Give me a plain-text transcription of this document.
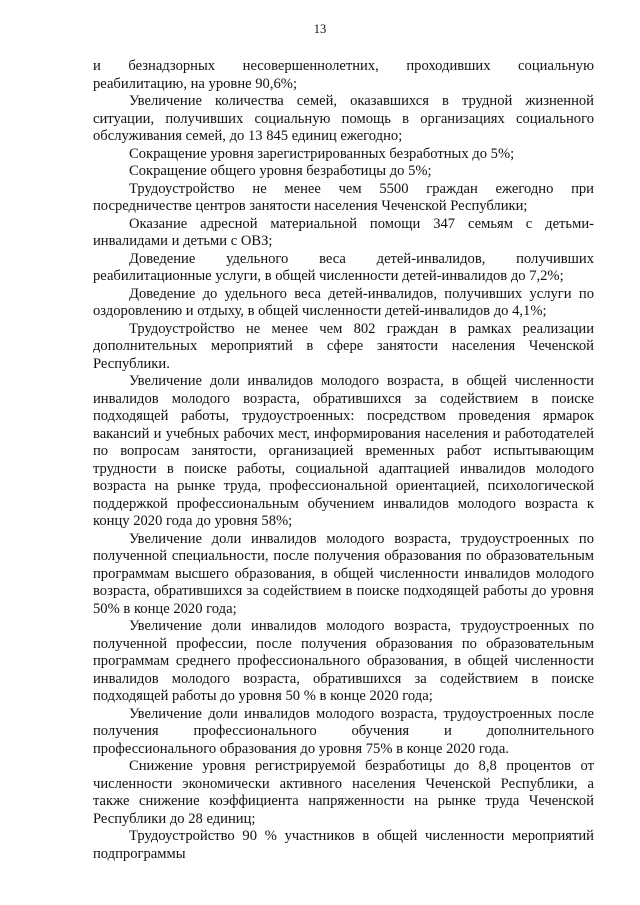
13

и безнадзорных несовершеннолетних, проходивших социальную реабилитацию, на уровне 90,6%;

Увеличение количества семей, оказавшихся в трудной жизненной ситуации, получивших социальную помощь в организациях социального обслуживания семей, до 13 845 единиц ежегодно;

Сокращение уровня зарегистрированных безработных до 5%;

Сокращение общего уровня безработицы до 5%;

Трудоустройство не менее чем 5500 граждан ежегодно при посредничестве центров занятости населения Чеченской Республики;

Оказание адресной материальной помощи 347 семьям с детьми-инвалидами и детьми с ОВЗ;

Доведение удельного веса детей-инвалидов, получивших реабилитационные услуги, в общей численности детей-инвалидов до 7,2%;

Доведение до удельного веса детей-инвалидов, получивших услуги по оздоровлению и отдыху, в общей численности детей-инвалидов до 4,1%;

Трудоустройство не менее чем 802 граждан в рамках реализации дополнительных мероприятий в сфере занятости населения Чеченской Республики.

Увеличение доли инвалидов молодого возраста, в общей численности инвалидов молодого возраста, обратившихся за содействием в поиске подходящей работы, трудоустроенных: посредством проведения ярмарок вакансий и учебных рабочих мест, информирования населения и работодателей по вопросам занятости, организацией временных работ испытывающим трудности в поиске работы, социальной адаптацией инвалидов молодого возраста на рынке труда, профессиональной ориентацией, психологической поддержкой профессиональным обучением инвалидов молодого возраста к концу 2020 года до уровня 58%;

Увеличение доли инвалидов молодого возраста, трудоустроенных по полученной специальности, после получения образования по образовательным программам высшего образования, в общей численности инвалидов молодого возраста, обратившихся за содействием в поиске подходящей работы до уровня 50% в конце 2020 года;

Увеличение доли инвалидов молодого возраста, трудоустроенных по полученной профессии, после получения образования по образовательным программам среднего профессионального образования, в общей численности инвалидов молодого возраста, обратившихся за содействием в поиске подходящей работы до уровня 50 % в конце 2020 года;

Увеличение доли инвалидов молодого возраста, трудоустроенных после получения профессионального обучения и дополнительного профессионального образования до уровня 75% в конце 2020 года.

Снижение уровня регистрируемой безработицы до 8,8 процентов от численности экономически активного населения Чеченской Республики, а также снижение коэффициента напряженности на рынке труда Чеченской Республики до 28 единиц;

Трудоустройство 90 % участников в общей численности мероприятий подпрограммы
